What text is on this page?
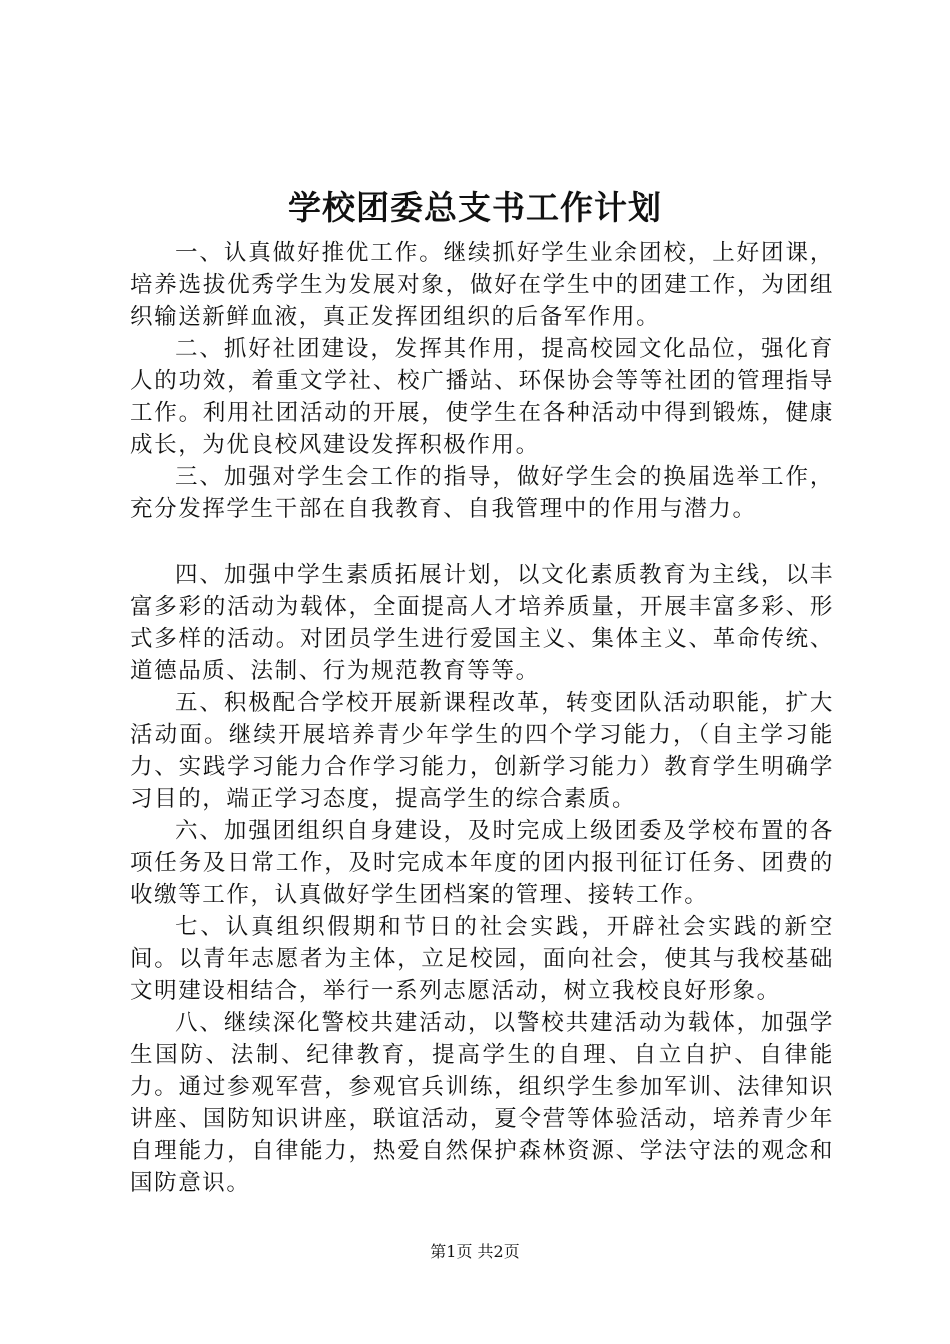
学校团委总支书工作计划

一、认真做好推优工作。继续抓好学生业余团校，上好团课，培养选拔优秀学生为发展对象，做好在学生中的团建工作，为团组织输送新鲜血液，真正发挥团组织的后备军作用。

二、抓好社团建设，发挥其作用，提高校园文化品位，强化育人的功效，着重文学社、校广播站、环保协会等等社团的管理指导工作。利用社团活动的开展，使学生在各种活动中得到锻炼，健康成长，为优良校风建设发挥积极作用。

三、加强对学生会工作的指导，做好学生会的换届选举工作，充分发挥学生干部在自我教育、自我管理中的作用与潜力。

四、加强中学生素质拓展计划，以文化素质教育为主线，以丰富多彩的活动为载体，全面提高人才培养质量，开展丰富多彩、形式多样的活动。对团员学生进行爱国主义、集体主义、革命传统、道德品质、法制、行为规范教育等等。

五、积极配合学校开展新课程改革，转变团队活动职能，扩大活动面。继续开展培养青少年学生的四个学习能力，（自主学习能力、实践学习能力合作学习能力，创新学习能力）教育学生明确学习目的，端正学习态度，提高学生的综合素质。

六、加强团组织自身建设，及时完成上级团委及学校布置的各项任务及日常工作，及时完成本年度的团内报刊征订任务、团费的收缴等工作，认真做好学生团档案的管理、接转工作。

七、认真组织假期和节日的社会实践，开辟社会实践的新空间。以青年志愿者为主体，立足校园，面向社会，使其与我校基础文明建设相结合，举行一系列志愿活动，树立我校良好形象。

八、继续深化警校共建活动，以警校共建活动为载体，加强学生国防、法制、纪律教育，提高学生的自理、自立自护、自律能力。通过参观军营，参观官兵训练，组织学生参加军训、法律知识讲座、国防知识讲座，联谊活动，夏令营等体验活动，培养青少年自理能力，自律能力，热爱自然保护森林资源、学法守法的观念和国防意识。

第1页 共2页
